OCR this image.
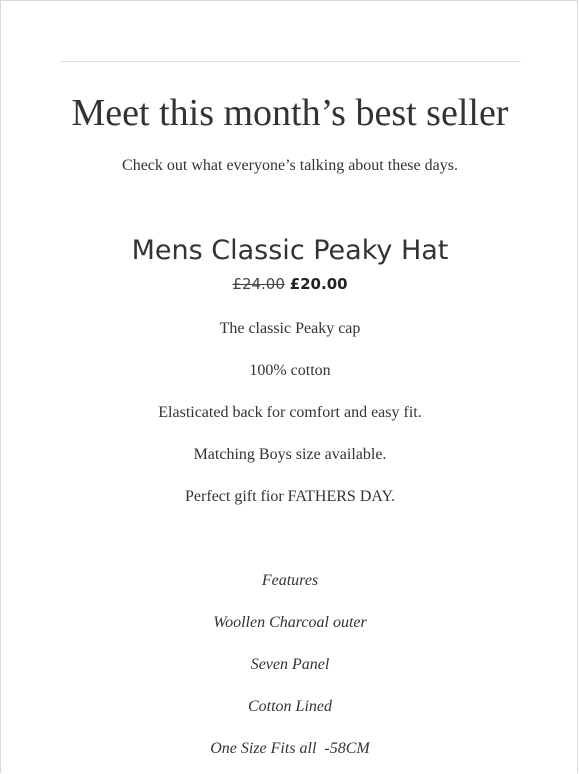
Meet this month’s best seller
Check out what everyone’s talking about these days.
Mens Classic Peaky Hat
£24.00 £20.00
The classic Peaky cap
100% cotton
Elasticated back for comfort and easy fit.
Matching Boys size available.
Perfect gift fior FATHERS DAY.
Features
Woollen Charcoal outer
Seven Panel
Cotton Lined
One Size Fits all  -58CM
